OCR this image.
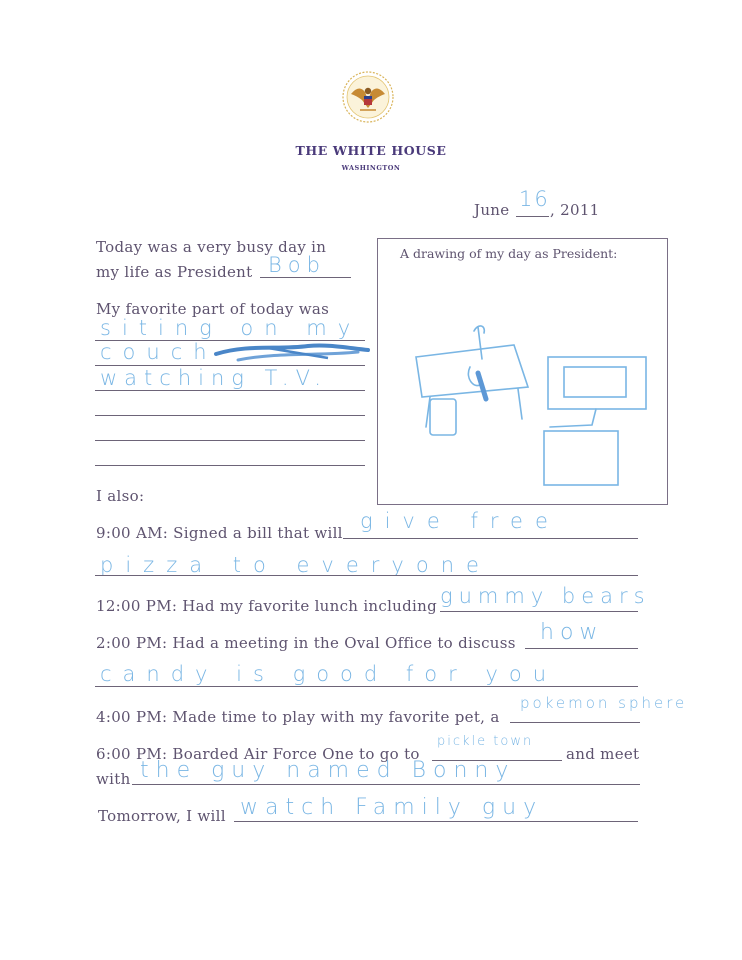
THE WHITE HOUSE
WASHINGTON
June 16 , 2011
Today was a very busy day in
my life as President Bob
My favorite part of today was
siting on my
couch
watching T.V.
A drawing of my day as President:
I also:
9:00 AM: Signed a bill that will give free
pizza to everyone
12:00 PM: Had my favorite lunch including gummy bears
2:00 PM: Had a meeting in the Oval Office to discuss how
candy is good for you
4:00 PM: Made time to play with my favorite pet, a
pokemon sphere
6:00 PM: Boarded Air Force One to go to
pickle town
and meet
with the guy named Bonny
Tomorrow, I will watch Family guy
